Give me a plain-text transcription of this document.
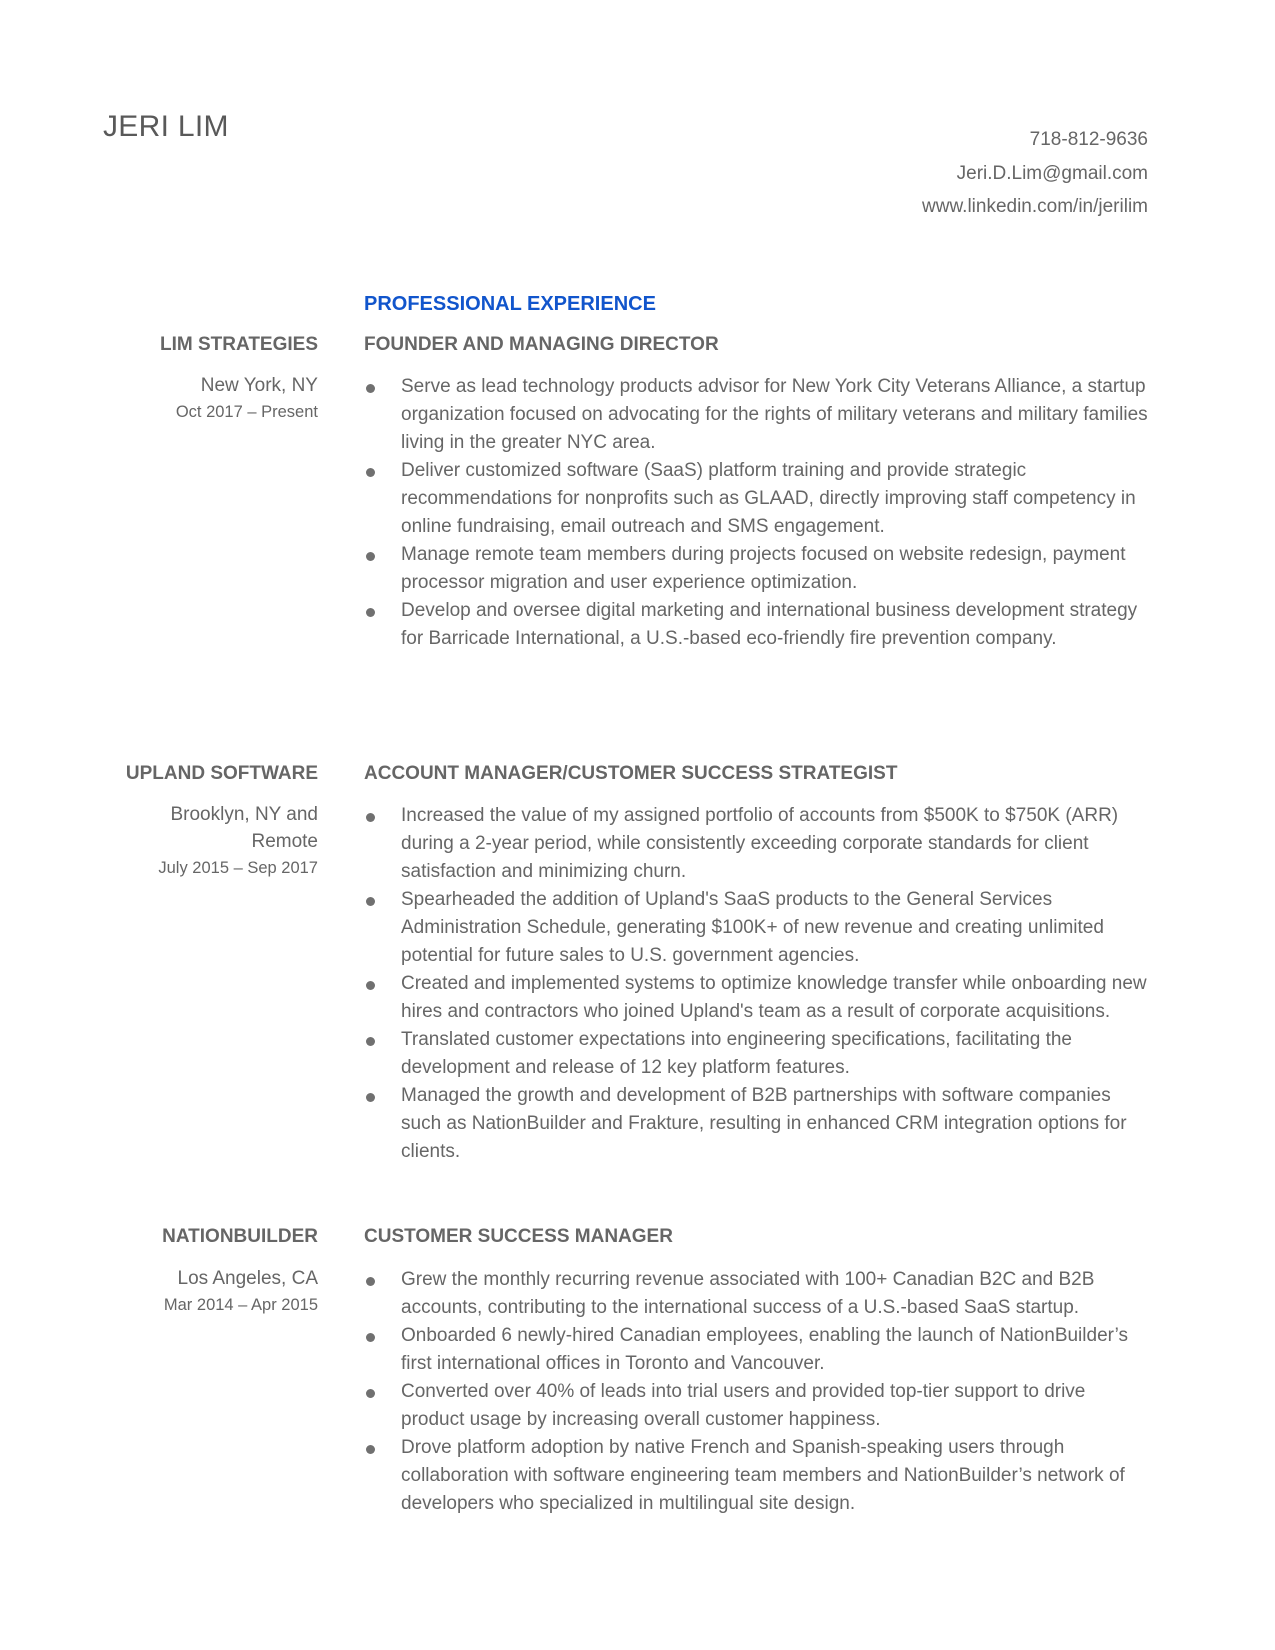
JERI LIM	718-812-9636
Jeri.D.Lim@gmail.com
www.linkedin.com/in/jerilim
PROFESSIONAL EXPERIENCE
LIM STRATEGIES FOUNDER AND MANAGING DIRECTOR
New York, NY
Oct 2017 – Present
Serve as lead technology products advisor for New York City Veterans Alliance, a startup organization focused on advocating for the rights of military veterans and military families living in the greater NYC area.
Deliver customized software (SaaS) platform training and provide strategic recommendations for nonprofits such as GLAAD, directly improving staff competency in online fundraising, email outreach and SMS engagement.
Manage remote team members during projects focused on website redesign, payment processor migration and user experience optimization.
Develop and oversee digital marketing and international business development strategy for Barricade International, a U.S.-based eco-friendly fire prevention company.
UPLAND SOFTWARE ACCOUNT MANAGER/CUSTOMER SUCCESS STRATEGIST
Brooklyn, NY and Remote
July 2015 – Sep 2017
Increased the value of my assigned portfolio of accounts from $500K to $750K (ARR) during a 2-year period, while consistently exceeding corporate standards for client satisfaction and minimizing churn.
Spearheaded the addition of Upland's SaaS products to the General Services Administration Schedule, generating $100K+ of new revenue and creating unlimited potential for future sales to U.S. government agencies.
Created and implemented systems to optimize knowledge transfer while onboarding new hires and contractors who joined Upland's team as a result of corporate acquisitions.
Translated customer expectations into engineering specifications, facilitating the development and release of 12 key platform features.
Managed the growth and development of B2B partnerships with software companies such as NationBuilder and Frakture, resulting in enhanced CRM integration options for clients.
NATIONBUILDER CUSTOMER SUCCESS MANAGER
Los Angeles, CA
Mar 2014 – Apr 2015
Grew the monthly recurring revenue associated with 100+ Canadian B2C and B2B accounts, contributing to the international success of a U.S.-based SaaS startup.
Onboarded 6 newly-hired Canadian employees, enabling the launch of NationBuilder’s first international offices in Toronto and Vancouver.
Converted over 40% of leads into trial users and provided top-tier support to drive product usage by increasing overall customer happiness.
Drove platform adoption by native French and Spanish-speaking users through collaboration with software engineering team members and NationBuilder’s network of developers who specialized in multilingual site design.
